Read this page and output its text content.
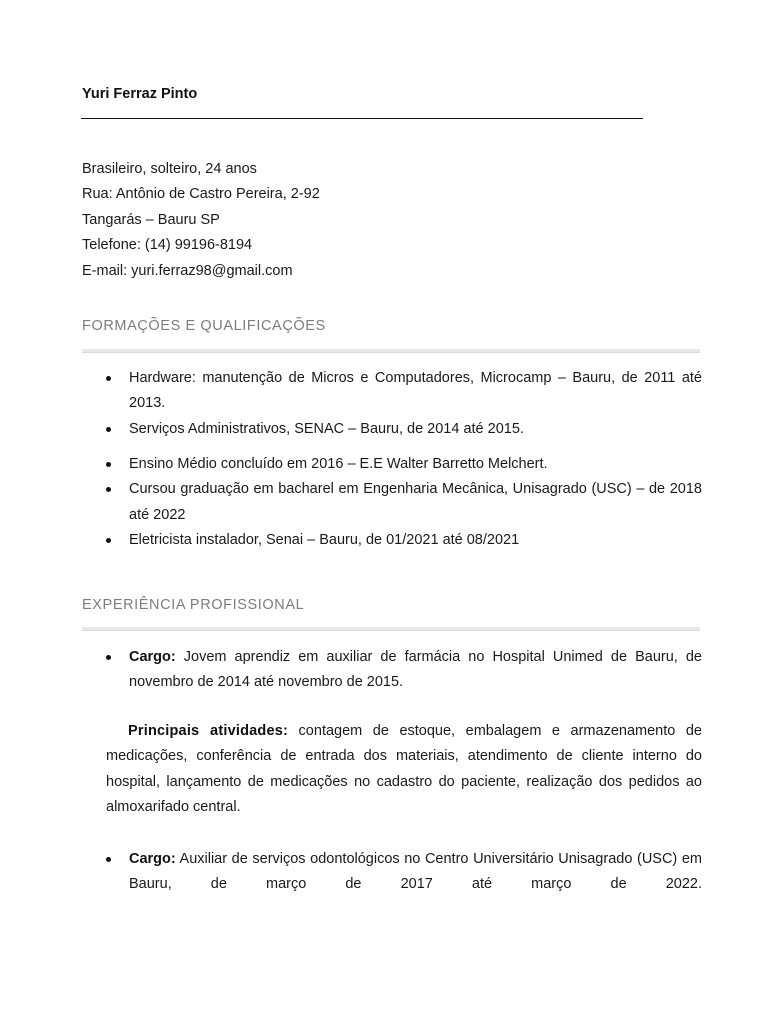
Yuri Ferraz Pinto
Brasileiro, solteiro, 24 anos
Rua: Antônio de Castro Pereira, 2-92
Tangarás – Bauru SP
Telefone: (14) 99196-8194
E-mail: yuri.ferraz98@gmail.com
FORMAÇÕES E QUALIFICAÇÕES
Hardware: manutenção de Micros e Computadores, Microcamp – Bauru, de 2011 até 2013.
Serviços Administrativos, SENAC – Bauru, de 2014 até 2015.
Ensino Médio concluído em 2016 – E.E Walter Barretto Melchert.
Cursou graduação em bacharel em Engenharia Mecânica, Unisagrado (USC) – de 2018 até 2022
Eletricista instalador, Senai – Bauru, de 01/2021 até 08/2021
EXPERIÊNCIA PROFISSIONAL
Cargo: Jovem aprendiz em auxiliar de farmácia no Hospital Unimed de Bauru, de novembro de 2014 até novembro de 2015.
Principais atividades: contagem de estoque, embalagem e armazenamento de medicações, conferência de entrada dos materiais, atendimento de cliente interno do hospital, lançamento de medicações no cadastro do paciente, realização dos pedidos ao almoxarifado central.
Cargo: Auxiliar de serviços odontológicos no Centro Universitário Unisagrado (USC) em Bauru, de março de 2017 até março de 2022.
